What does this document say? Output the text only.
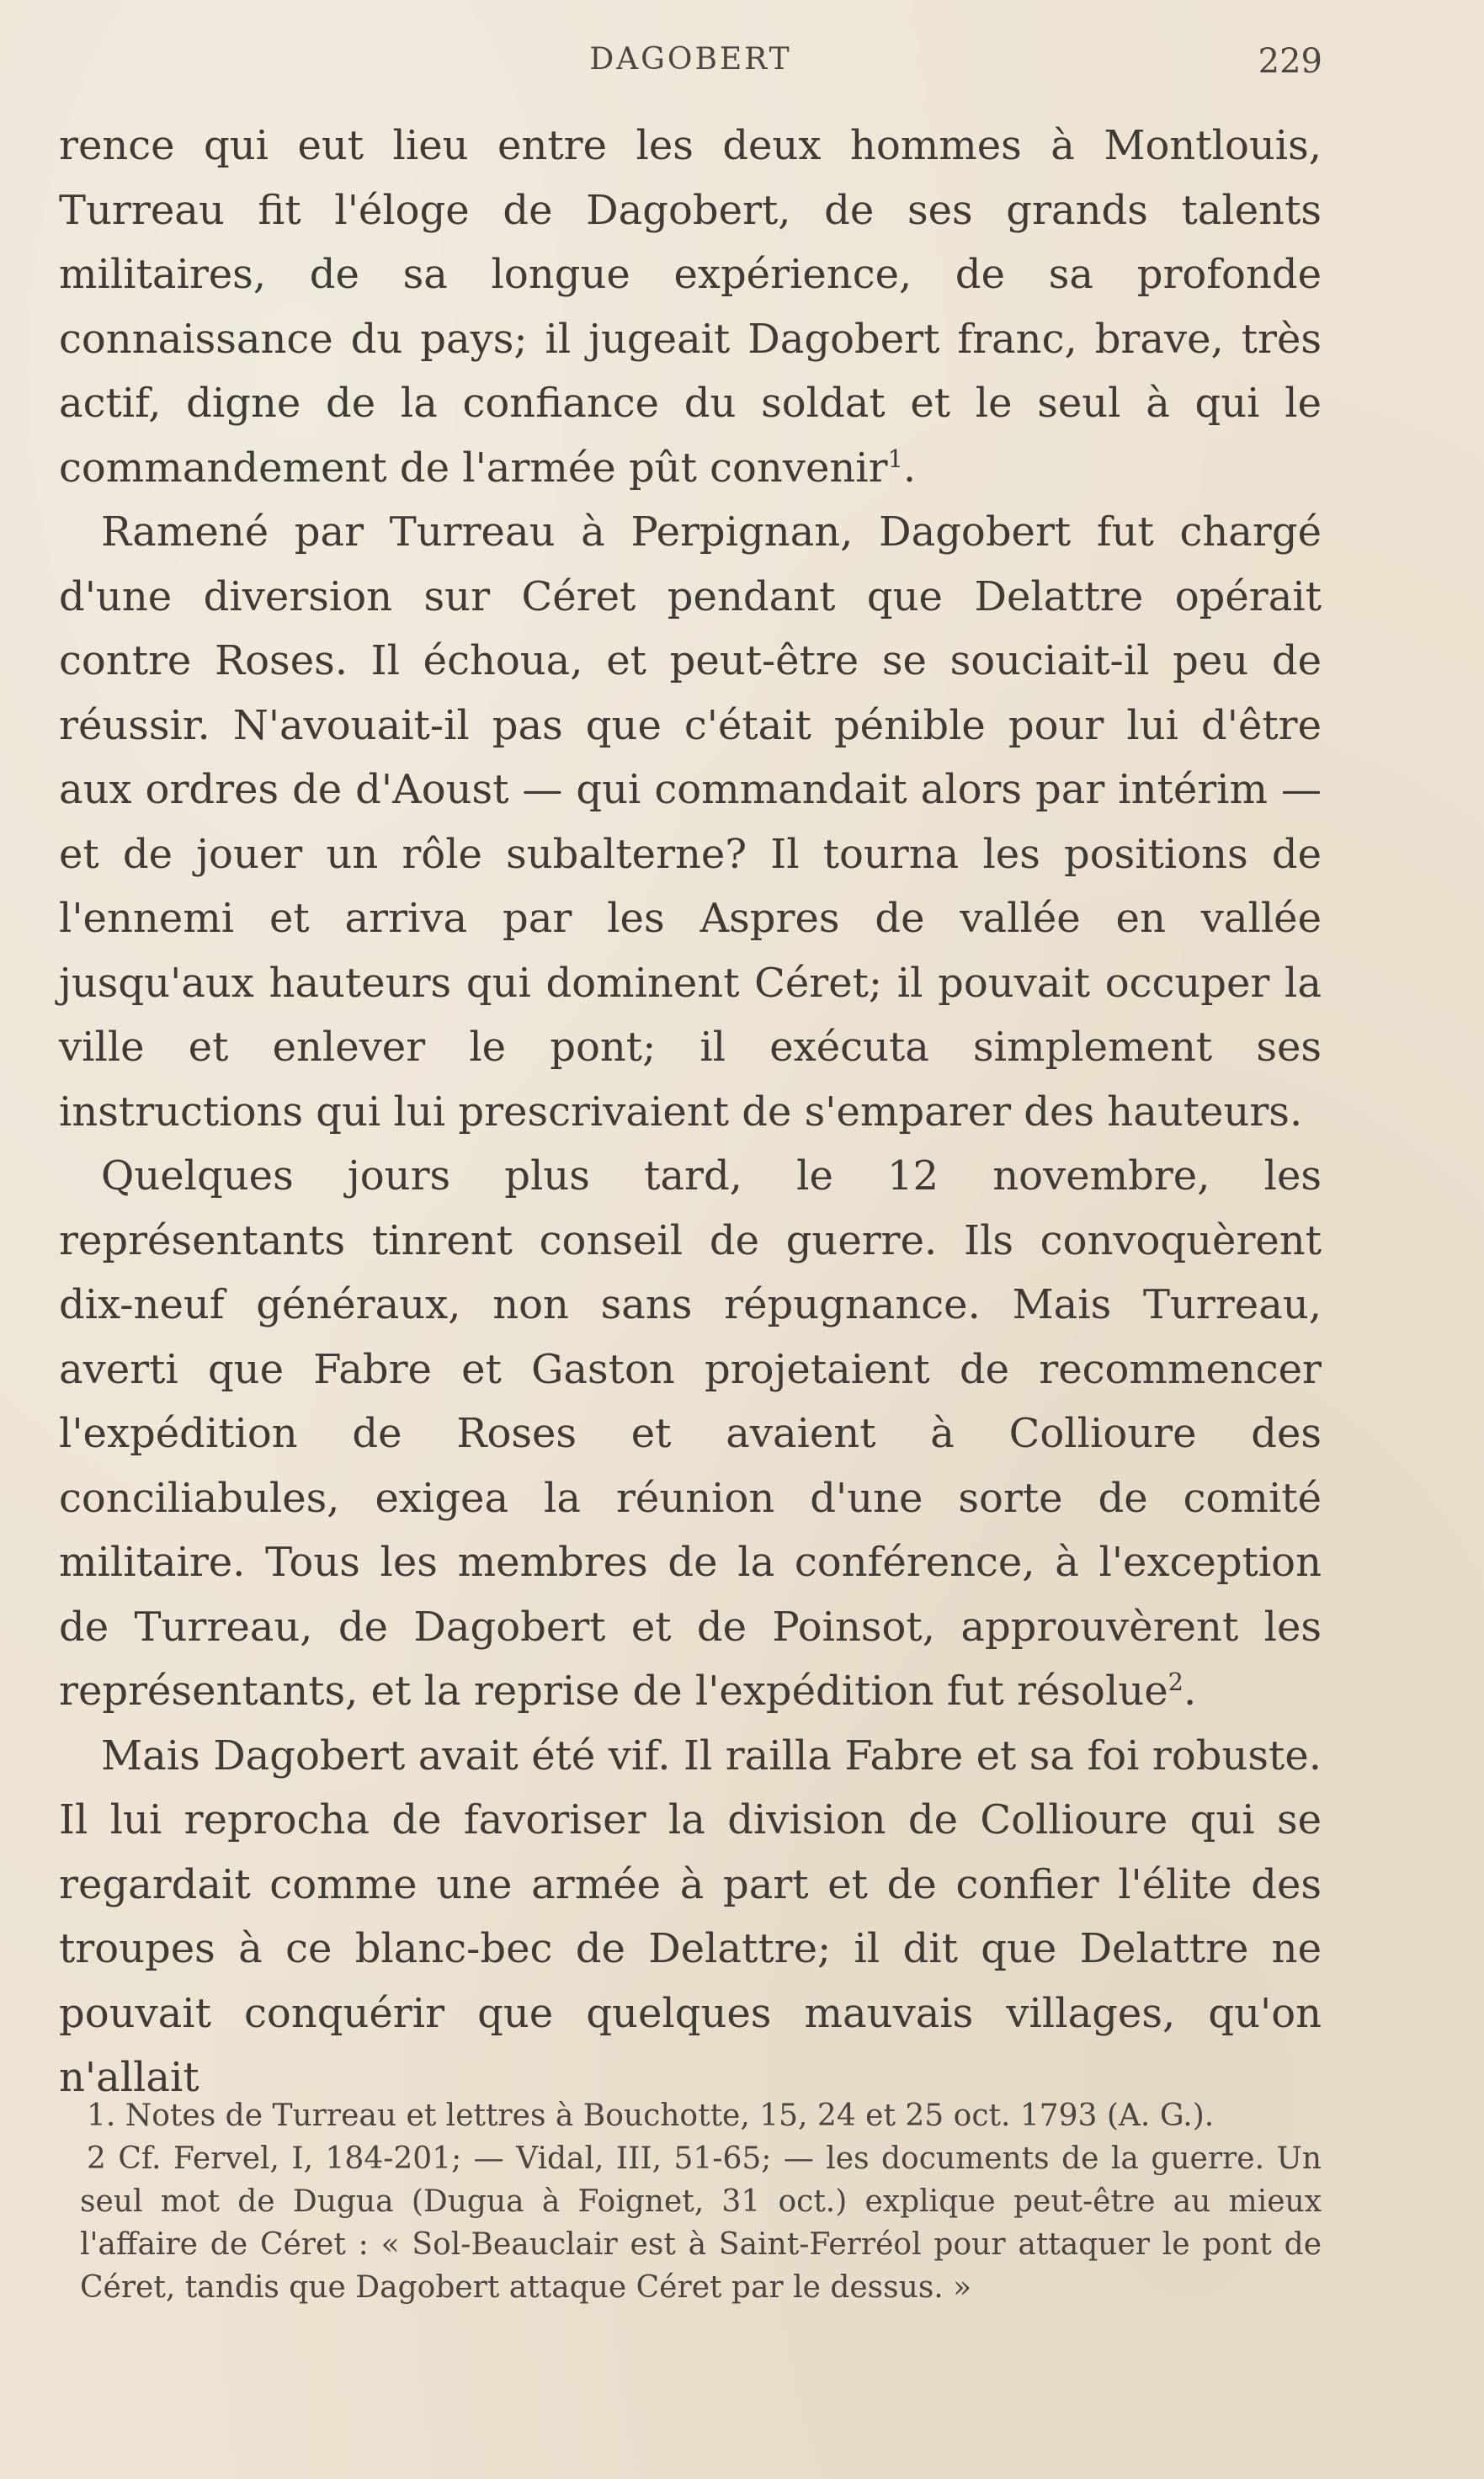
DAGOBERT	229

rence qui eut lieu entre les deux hommes à Montlouis, Turreau fit l'éloge de Dagobert, de ses grands talents militaires, de sa longue expérience, de sa profonde connaissance du pays; il jugeait Dagobert franc, brave, très actif, digne de la confiance du soldat et le seul à qui le commandement de l'armée pût convenir$^1$.

Ramené par Turreau à Perpignan, Dagobert fut chargé d'une diversion sur Céret pendant que Delattre opérait contre Roses. Il échoua, et peut-être se souciait-il peu de réussir. N'avouait-il pas que c'était pénible pour lui d'être aux ordres de d'Aoust — qui commandait alors par intérim — et de jouer un rôle subalterne? Il tourna les positions de l'ennemi et arriva par les Aspres de vallée en vallée jusqu'aux hauteurs qui dominent Céret; il pouvait occuper la ville et enlever le pont; il exécuta simplement ses instructions qui lui prescrivaient de s'emparer des hauteurs.

Quelques jours plus tard, le 12 novembre, les représentants tinrent conseil de guerre. Ils convoquèrent dix-neuf généraux, non sans répugnance. Mais Turreau, averti que Fabre et Gaston projetaient de recommencer l'expédition de Roses et avaient à Collioure des conciliabules, exigea la réunion d'une sorte de comité militaire. Tous les membres de la conférence, à l'exception de Turreau, de Dagobert et de Poinsot, approuvèrent les représentants, et la reprise de l'expédition fut résolue$^2$.

Mais Dagobert avait été vif. Il railla Fabre et sa foi robuste. Il lui reprocha de favoriser la division de Collioure qui se regardait comme une armée à part et de confier l'élite des troupes à ce blanc-bec de Delattre; il dit que Delattre ne pouvait conquérir que quelques mauvais villages, qu'on n'allait

1. Notes de Turreau et lettres à Bouchotte, 15, 24 et 25 oct. 1793 (A. G.).

2 Cf. Fervel, I, 184-201; — Vidal, III, 51-65; — les documents de la guerre. Un seul mot de Dugua (Dugua à Foignet, 31 oct.) explique peut-être au mieux l'affaire de Céret : « Sol-Beauclair est à Saint-Ferréol pour attaquer le pont de Céret, tandis que Dagobert attaque Céret par le dessus. »
